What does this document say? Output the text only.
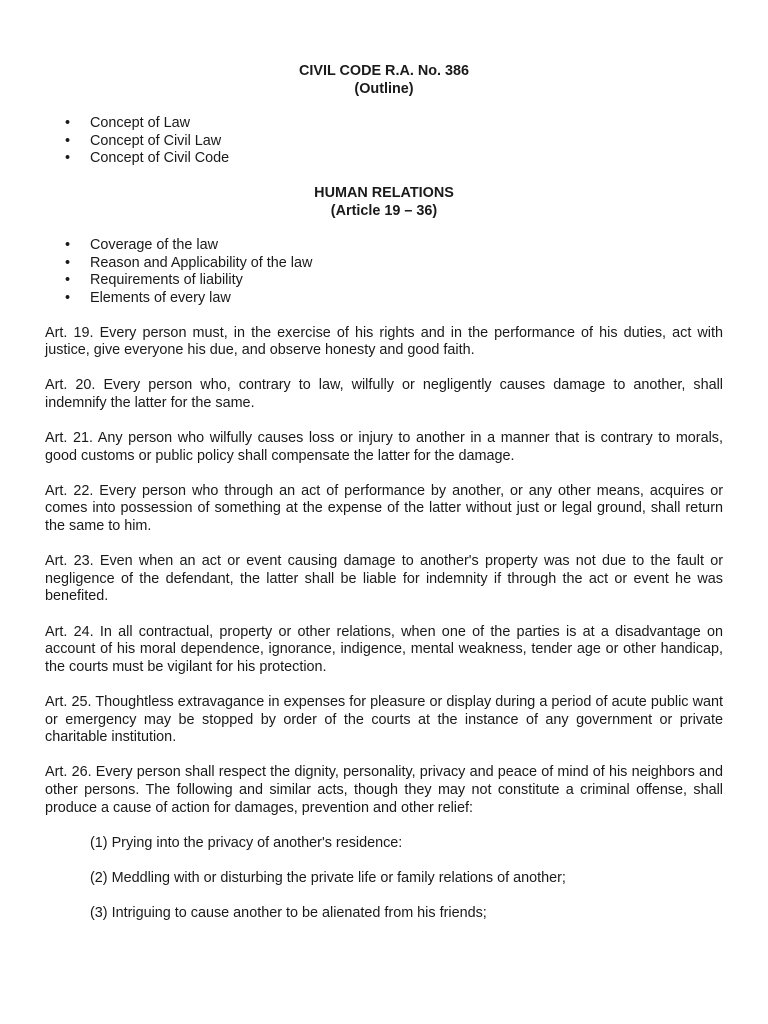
CIVIL CODE R.A. No. 386
(Outline)
• Concept of Law
• Concept of Civil Law
• Concept of Civil Code
HUMAN RELATIONS
(Article 19 – 36)
• Coverage of the law
• Reason and Applicability of the law
• Requirements of liability
• Elements of every law

Art. 19. Every person must, in the exercise of his rights and in the performance of his duties, act with justice, give everyone his due, and observe honesty and good faith.

Art. 20. Every person who, contrary to law, wilfully or negligently causes damage to another, shall indemnify the latter for the same.

Art. 21. Any person who wilfully causes loss or injury to another in a manner that is contrary to morals, good customs or public policy shall compensate the latter for the damage.

Art. 22. Every person who through an act of performance by another, or any other means, acquires or comes into possession of something at the expense of the latter without just or legal ground, shall return the same to him.

Art. 23. Even when an act or event causing damage to another's property was not due to the fault or negligence of the defendant, the latter shall be liable for indemnity if through the act or event he was benefited.

Art. 24. In all contractual, property or other relations, when one of the parties is at a disadvantage on account of his moral dependence, ignorance, indigence, mental weakness, tender age or other handicap, the courts must be vigilant for his protection.

Art. 25. Thoughtless extravagance in expenses for pleasure or display during a period of acute public want or emergency may be stopped by order of the courts at the instance of any government or private charitable institution.

Art. 26. Every person shall respect the dignity, personality, privacy and peace of mind of his neighbors and other persons. The following and similar acts, though they may not constitute a criminal offense, shall produce a cause of action for damages, prevention and other relief:

(1) Prying into the privacy of another's residence:

(2) Meddling with or disturbing the private life or family relations of another;

(3) Intriguing to cause another to be alienated from his friends;
